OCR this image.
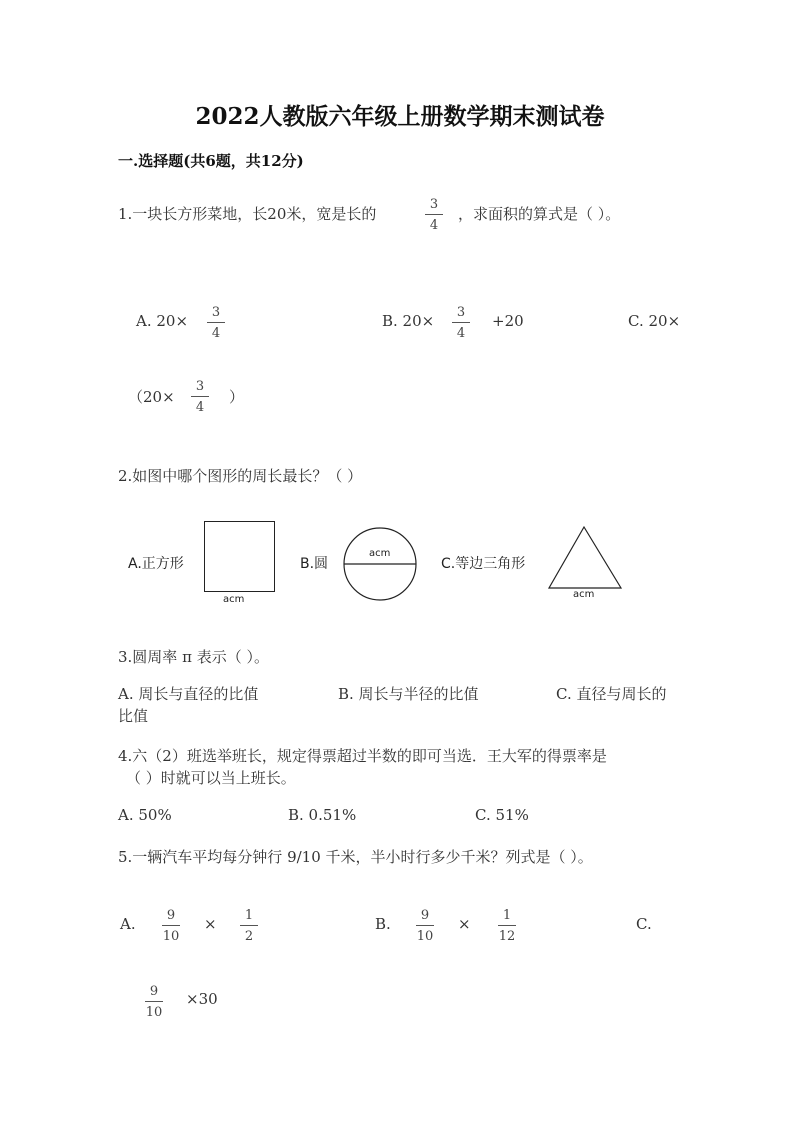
2022人教版六年级上册数学期末测试卷
一.选择题(共6题，共12分)
1.一块长方形菜地，长20米，宽是长的
3
4
，求面积的算式是（ ）。
A. 20×	3
4
B. 20×	3
4
+20	C. 20×
（20×
3
4
）
2.如图中哪个图形的周长最长？（ ）
A.正方形
acm
B.圆
acm
C.等边三角形
acm
3.圆周率 π 表示（ ）。
A. 周长与直径的比值	B. 周长与半径的比值	C. 直径与周长的
比值
4.六（2）班选举班长，规定得票超过半数的即可当选．王大军的得票率是
（ ）时就可以当上班长。
A. 50%	B. 0.51%	C. 51%
5.一辆汽车平均每分钟行 9/10 千米，半小时行多少千米？列式是（ ）。
A.	9
10
×	1
2
B.	9
10
×	1
12
C.
9
10
×30
